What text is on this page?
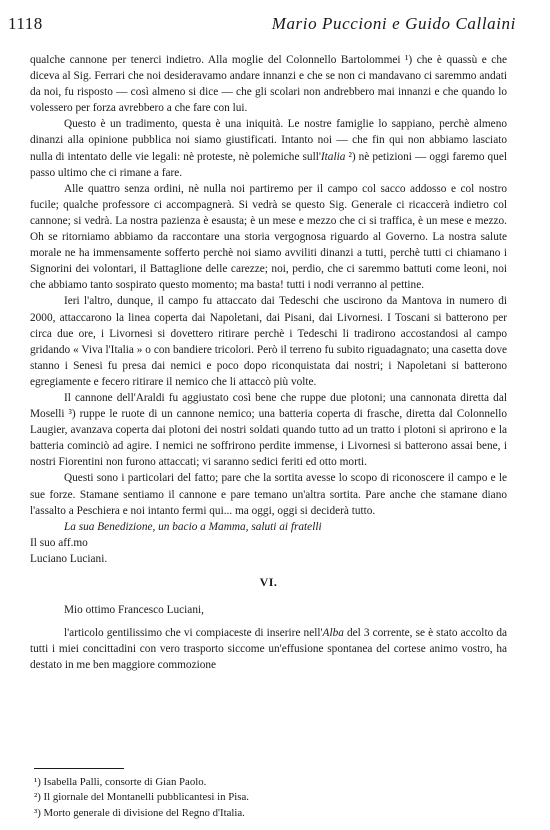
1118	Mario Puccioni e Guido Callaini

qualche cannone per tenerci indietro. Alla moglie del Colonnello Bartolommei ¹) che è quassù e che diceva al Sig. Ferrari che noi desideravamo andare innanzi e che se non ci mandavano ci saremmo andati da noi, fu risposto — così almeno si dice — che gli scolari non andrebbero mai innanzi e che quando lo volessero per forza avrebbero a che fare con lui.

Questo è un tradimento, questa è una iniquità. Le nostre famiglie lo sappiano, perchè almeno dinanzi alla opinione pubblica noi siamo giustificati. Intanto noi — che fin qui non abbiamo lasciato nulla di intentato delle vie legali: nè proteste, nè polemiche sull'Italia ²) nè petizioni — oggi faremo quel passo ultimo che ci rimane a fare.

Alle quattro senza ordini, nè nulla noi partiremo per il campo col sacco addosso e col nostro fucile; qualche professore ci accompagnerà. Si vedrà se questo Sig. Generale ci ricaccerà indietro col cannone; si vedrà. La nostra pazienza è esausta; è un mese e mezzo che ci si traffica, è un mese e mezzo. Oh se ritorniamo abbiamo da raccontare una storia vergognosa riguardo al Governo. La nostra salute morale ne ha immensamente sofferto perchè noi siamo avviliti dinanzi a tutti, perchè tutti ci chiamano i Signorini dei volontari, il Battaglione delle carezze; noi, perdio, che ci saremmo battuti come leoni, noi che abbiamo tanto sospirato questo momento; ma basta! tutti i nodi verranno al pettine.

Ieri l'altro, dunque, il campo fu attaccato dai Tedeschi che uscirono da Mantova in numero di 2000, attaccarono la linea coperta dai Napoletani, dai Pisani, dai Livornesi. I Toscani si batterono per circa due ore, i Livornesi si dovettero ritirare perchè i Tedeschi li tradirono accostandosi al campo gridando « Viva l'Italia » o con bandiere tricolori. Però il terreno fu subito riguadagnato; una casetta dove stanno i Senesi fu presa dai nemici e poco dopo riconquistata dai nostri; i Napoletani si batterono egregiamente e fecero ritirare il nemico che li attaccò più volte.

Il cannone dell'Araldi fu aggiustato così bene che ruppe due plotoni; una cannonata diretta dal Moselli ³) ruppe le ruote di un cannone nemico; una batteria coperta di frasche, diretta dal Colonnello Laugier, avanzava coperta dai plotoni dei nostri soldati quando tutto ad un tratto i plotoni si aprirono e la batteria cominciò ad agire. I nemici ne soffrirono perdite immense, i Livornesi si batterono assai bene, i nostri Fiorentini non furono attaccati; vi saranno sedici feriti ed otto morti.

Questi sono i particolari del fatto; pare che la sortita avesse lo scopo di riconoscere il campo e le sue forze. Stamane sentiamo il cannone e pare temano un'altra sortita. Pare anche che stamane diano l'assalto a Peschiera e noi intanto fermi qui... ma oggi, oggi si deciderà tutto.

La sua Benedizione, un bacio a Mamma, saluti ai fratelli

Il suo aff.mo

Luciano Luciani.

VI.

Mio ottimo Francesco Luciani,

l'articolo gentilissimo che vi compiaceste di inserire nell'Alba del 3 corrente, se è stato accolto da tutti i miei concittadini con vero trasporto siccome un'effusione spontanea del cortese animo vostro, ha destato in me ben maggiore commozione

¹) Isabella Palli, consorte di Gian Paolo.
²) Il giornale del Montanelli pubblicantesi in Pisa.
³) Morto generale di divisione del Regno d'Italia.
